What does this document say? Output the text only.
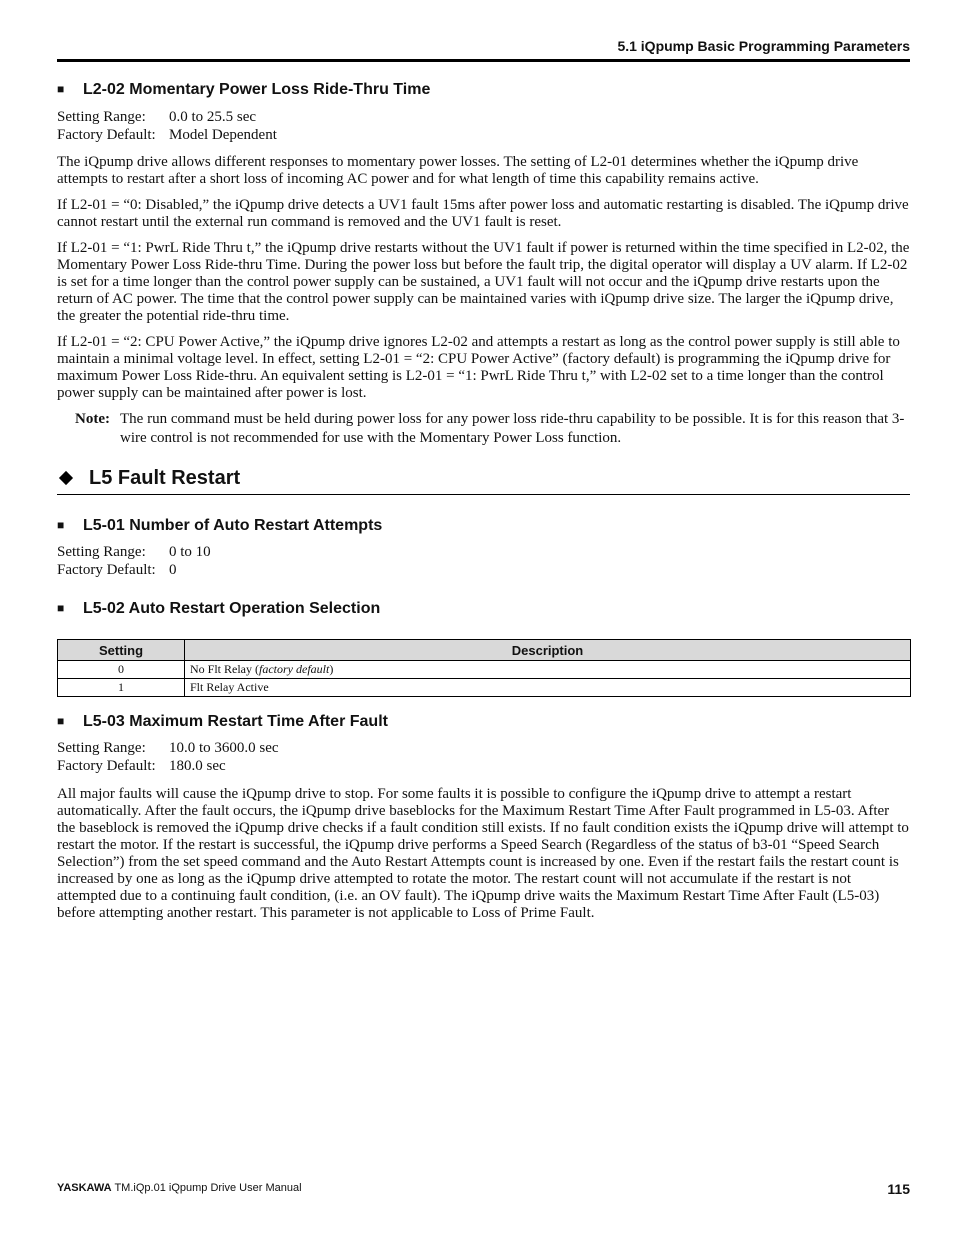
5.1 iQpump Basic Programming Parameters
■ L2-02 Momentary Power Loss Ride-Thru Time
Setting Range: 0.0 to 25.5 sec
Factory Default: Model Dependent

The iQpump drive allows different responses to momentary power losses. The setting of L2-01 determines whether the iQpump drive attempts to restart after a short loss of incoming AC power and for what length of time this capability remains active.

If L2-01 = “0: Disabled,” the iQpump drive detects a UV1 fault 15ms after power loss and automatic restarting is disabled. The iQpump drive cannot restart until the external run command is removed and the UV1 fault is reset.

If L2-01 = “1: PwrL Ride Thru t,” the iQpump drive restarts without the UV1 fault if power is returned within the time specified in L2-02, the Momentary Power Loss Ride-thru Time. During the power loss but before the fault trip, the digital operator will display a UV alarm. If L2-02 is set for a time longer than the control power supply can be sustained, a UV1 fault will not occur and the iQpump drive restarts upon the return of AC power. The time that the control power supply can be maintained varies with iQpump drive size. The larger the iQpump drive, the greater the potential ride-thru time.

If L2-01 = “2: CPU Power Active,” the iQpump drive ignores L2-02 and attempts a restart as long as the control power supply is still able to maintain a minimal voltage level. In effect, setting L2-01 = “2: CPU Power Active” (factory default) is programming the iQpump drive for maximum Power Loss Ride-thru. An equivalent setting is L2-01 = “1: PwrL Ride Thru t,” with L2-02 set to a time longer than the control power supply can be maintained after power is lost.

Note: The run command must be held during power loss for any power loss ride-thru capability to be possible. It is for this reason that 3-wire control is not recommended for use with the Momentary Power Loss function.
L5 Fault Restart
■ L5-01 Number of Auto Restart Attempts
Setting Range: 0 to 10
Factory Default: 0
■ L5-02 Auto Restart Operation Selection
Setting	Description
0	No Flt Relay (factory default)
1	Flt Relay Active
■ L5-03 Maximum Restart Time After Fault
Setting Range: 10.0 to 3600.0 sec
Factory Default: 180.0 sec

All major faults will cause the iQpump drive to stop. For some faults it is possible to configure the iQpump drive to attempt a restart automatically. After the fault occurs, the iQpump drive baseblocks for the Maximum Restart Time After Fault programmed in L5-03. After the baseblock is removed the iQpump drive checks if a fault condition still exists. If no fault condition exists the iQpump drive will attempt to restart the motor. If the restart is successful, the iQpump drive performs a Speed Search (Regardless of the status of b3-01 “Speed Search Selection”) from the set speed command and the Auto Restart Attempts count is increased by one. Even if the restart fails the restart count is increased by one as long as the iQpump drive attempted to rotate the motor. The restart count will not accumulate if the restart is not attempted due to a continuing fault condition, (i.e. an OV fault). The iQpump drive waits the Maximum Restart Time After Fault (L5-03) before attempting another restart. This parameter is not applicable to Loss of Prime Fault.

YASKAWA TM.iQp.01 iQpump Drive User Manual	115
